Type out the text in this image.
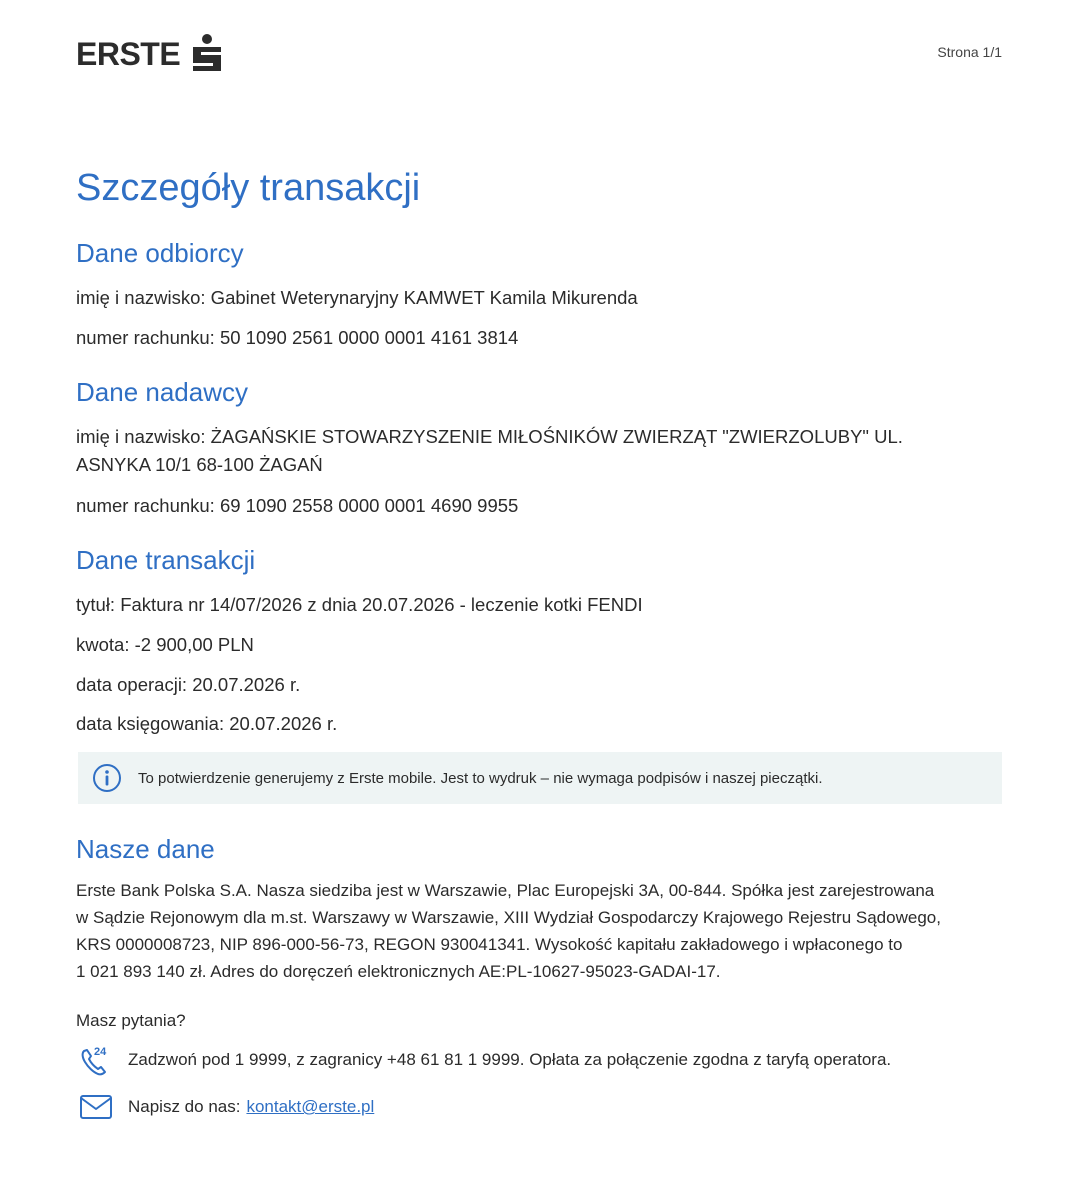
ERSTE	Strona 1/1
Szczegóły transakcji
Dane odbiorcy
imię i nazwisko: Gabinet Weterynaryjny KAMWET Kamila Mikurenda
numer rachunku: 50 1090 2561 0000 0001 4161 3814
Dane nadawcy
imię i nazwisko: ŻAGAŃSKIE STOWARZYSZENIE MIŁOŚNIKÓW ZWIERZĄT "ZWIERZOLUBY" UL.
ASNYKA 10/1 68-100 ŻAGAŃ
numer rachunku: 69 1090 2558 0000 0001 4690 9955
Dane transakcji
tytuł: Faktura nr 14/07/2026 z dnia 20.07.2026 - leczenie kotki FENDI
kwota: -2 900,00 PLN
data operacji: 20.07.2026 r.
data księgowania: 20.07.2026 r.
To potwierdzenie generujemy z Erste mobile. Jest to wydruk – nie wymaga podpisów i naszej pieczątki.
Nasze dane
Erste Bank Polska S.A. Nasza siedziba jest w Warszawie, Plac Europejski 3A, 00-844. Spółka jest zarejestrowana
w Sądzie Rejonowym dla m.st. Warszawy w Warszawie, XIII Wydział Gospodarczy Krajowego Rejestru Sądowego,
KRS 0000008723, NIP 896-000-56-73, REGON 930041341. Wysokość kapitału zakładowego i wpłaconego to
1 021 893 140 zł. Adres do doręczeń elektronicznych AE:PL-10627-95023-GADAI-17.
Masz pytania?
24 Zadzwoń pod 1 9999, z zagranicy +48 61 81 1 9999. Opłata za połączenie zgodna z taryfą operatora.
Napisz do nas: kontakt@erste.pl
